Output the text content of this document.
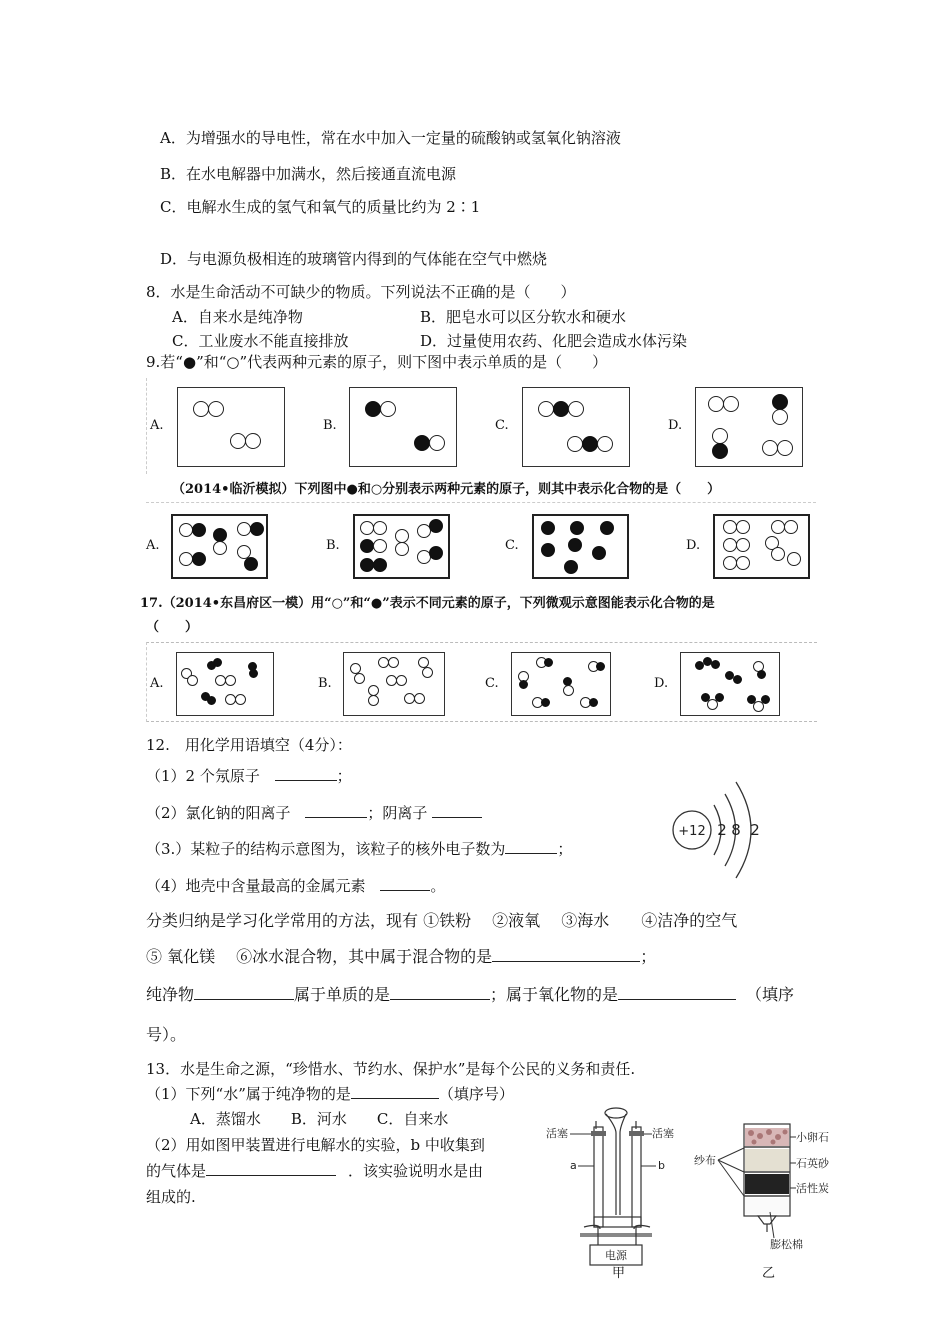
A．为增强水的导电性，常在水中加入一定量的硫酸钠或氢氧化钠溶液
B．在水电解器中加满水，然后接通直流电源
C．电解水生成的氢气和氧气的质量比约为 2∶1
D．与电源负极相连的玻璃管内得到的气体能在空气中燃烧
8．水是生命活动不可缺少的物质。下列说法不正确的是（　　）
A．自来水是纯净物	B．肥皂水可以区分软水和硬水
C．工业废水不能直接排放	D．过量使用农药、化肥会造成水体污染
9.若“●”和“○”代表两种元素的原子，则下图中表示单质的是（　　）
A.	B.	C.	D.
（2014•临沂模拟）下列图中●和○分别表示两种元素的原子，则其中表示化合物的是（　　）
A.	B.	C.	D.
17.（2014•东昌府区一模）用“○”和“●”表示不同元素的原子，下列微观示意图能表示化合物的是
（　　）
A.	B.	C.	D.
12.　用化学用语填空（4分）：
（1）2 个氖原子	；
（2）氯化钠的阳离子	；阴离子
（3.）某粒子的结构示意图为，该粒子的核外电子数为	；
（4）地壳中含量最高的金属元素	。
+12 2 8 2
分类归纳是学习化学常用的方法，现有 ①铁粉　 ②液氧　 ③海水　　④洁净的空气
⑤ 氧化镁　 ⑥冰水混合物，其中属于混合物的是	；
纯净物	属于单质的是	；属于氧化物的是	（填序
号）。
13．水是生命之源，“珍惜水、节约水、保护水”是每个公民的义务和责任.
（1）下列“水”属于纯净物的是	（填序号）
A．蒸馏水　　B．河水　　C．自来水
（2）用如图甲装置进行电解水的实验，b 中收集到
的气体是	．该实验说明水是由
组成的.
活塞	活塞
a	b
电源
甲
纱布
小卵石
石英砂
活性炭
膨松棉
乙
